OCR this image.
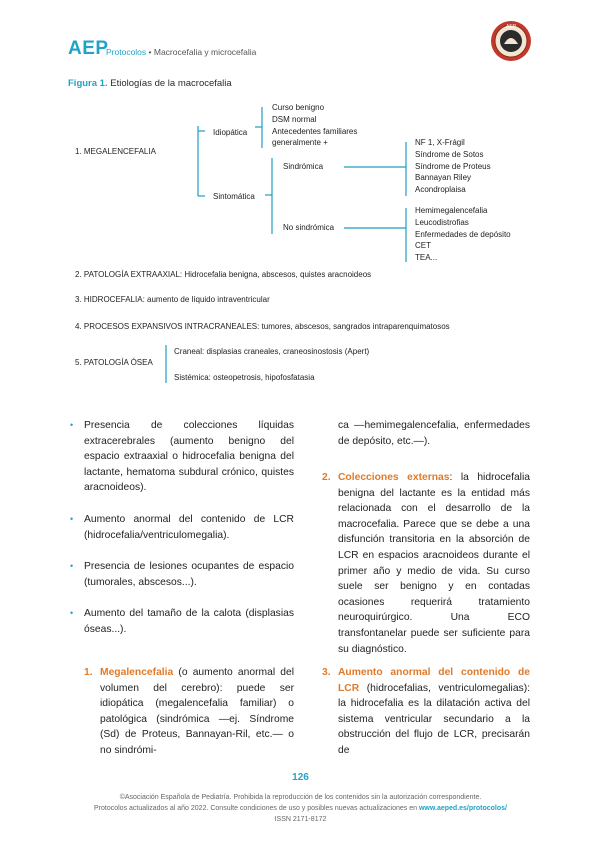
AEP
Protocolos • Macrocefalia y microcefalia
AEP
Figura 1. Etiologías de la macrocefalia
1. MEGALENCEFALIA
Idiopática
Curso benigno
DSM normal
Antecedentes familiares
generalmente +
Sintomática
Sindrómica
NF 1, X-Frágil
Síndrome de Sotos
Síndrome de Proteus
Bannayan Riley
Acondroplaisa
No sindrómica
Hemimegalencefalia
Leucodistrofias
Enfermedades de depósito
CET
TEA...
2. PATOLOGÍA EXTRAAXIAL: Hidrocefalia benigna, abscesos, quistes aracnoideos
3. HIDROCEFALIA: aumento de líquido intraventricular
4. PROCESOS EXPANSIVOS INTRACRANEALES: tumores, abscesos, sangrados intraparenquimatosos
5. PATOLOGÍA ÓSEA
Craneal: displasias craneales, craneosinostosis (Apert)
Sistémica: osteopetrosis, hipofosfatasia
• Presencia de colecciones líquidas extracerebrales (aumento benigno del espacio extraaxial o hidrocefalia benigna del lactante, hematoma subdural crónico, quistes aracnoideos).
• Aumento anormal del contenido de LCR (hidrocefalia/ventriculomegalia).
• Presencia de lesiones ocupantes de espacio (tumorales, abscesos...).
• Aumento del tamaño de la calota (displasias óseas...).
1. Megalencefalia (o aumento anormal del volumen del cerebro): puede ser idiopática (megalencefalia familiar) o patológica (sindrómica —ej. Síndrome (Sd) de Proteus, Bannayan-Ril, etc.— o no sindrómi-
ca —hemimegalencefalia, enfermedades de depósito, etc.—).
2. Colecciones externas: la hidrocefalia benigna del lactante es la entidad más relacionada con el desarrollo de la macrocefalia. Parece que se debe a una disfunción transitoria en la absorción de LCR en espacios aracnoideos durante el primer año y medio de vida. Su curso suele ser benigno y en contadas ocasiones requerirá tratamiento neuroquirúrgico. Una ECO transfontanelar puede ser suficiente para su diagnóstico.
3. Aumento anormal del contenido de LCR (hidrocefalias, ventriculomegalias): la hidrocefalia es la dilatación activa del sistema ventricular secundario a la obstrucción del flujo de LCR, precisarán de
126
©Asociación Española de Pediatría. Prohibida la reproducción de los contenidos sin la autorización correspondiente.
Protocolos actualizados al año 2022. Consulte condiciones de uso y posibles nuevas actualizaciones en www.aeped.es/protocolos/
ISSN 2171-8172
